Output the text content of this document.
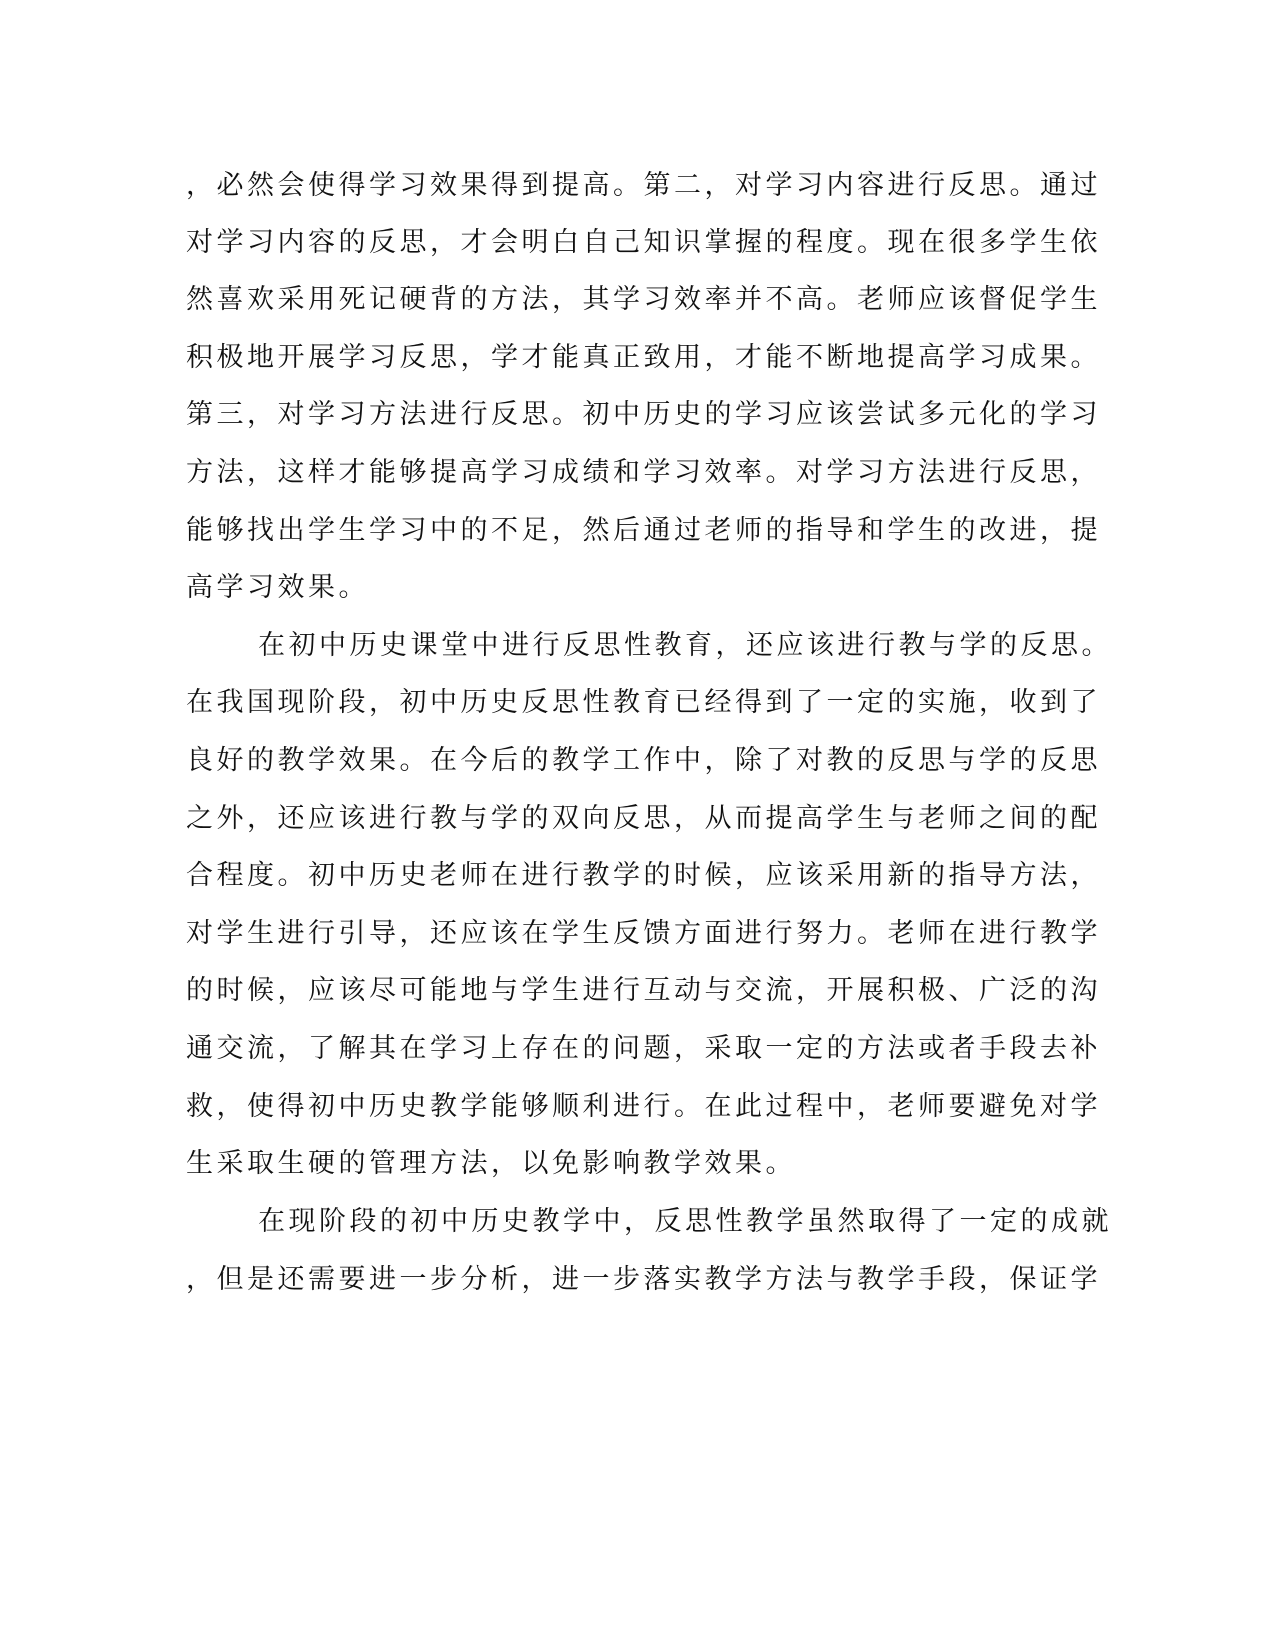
，必然会使得学习效果得到提高。第二，对学习内容进行反思。通过
对学习内容的反思，才会明白自己知识掌握的程度。现在很多学生依
然喜欢采用死记硬背的方法，其学习效率并不高。老师应该督促学生
积极地开展学习反思，学才能真正致用，才能不断地提高学习成果。
第三，对学习方法进行反思。初中历史的学习应该尝试多元化的学习
方法，这样才能够提高学习成绩和学习效率。对学习方法进行反思，
能够找出学生学习中的不足，然后通过老师的指导和学生的改进，提
高学习效果。
在初中历史课堂中进行反思性教育，还应该进行教与学的反思。
在我国现阶段，初中历史反思性教育已经得到了一定的实施，收到了
良好的教学效果。在今后的教学工作中，除了对教的反思与学的反思
之外，还应该进行教与学的双向反思，从而提高学生与老师之间的配
合程度。初中历史老师在进行教学的时候，应该采用新的指导方法，
对学生进行引导，还应该在学生反馈方面进行努力。老师在进行教学
的时候，应该尽可能地与学生进行互动与交流，开展积极、广泛的沟
通交流，了解其在学习上存在的问题，采取一定的方法或者手段去补
救，使得初中历史教学能够顺利进行。在此过程中，老师要避免对学
生采取生硬的管理方法，以免影响教学效果。
在现阶段的初中历史教学中，反思性教学虽然取得了一定的成就
，但是还需要进一步分析，进一步落实教学方法与教学手段，保证学
